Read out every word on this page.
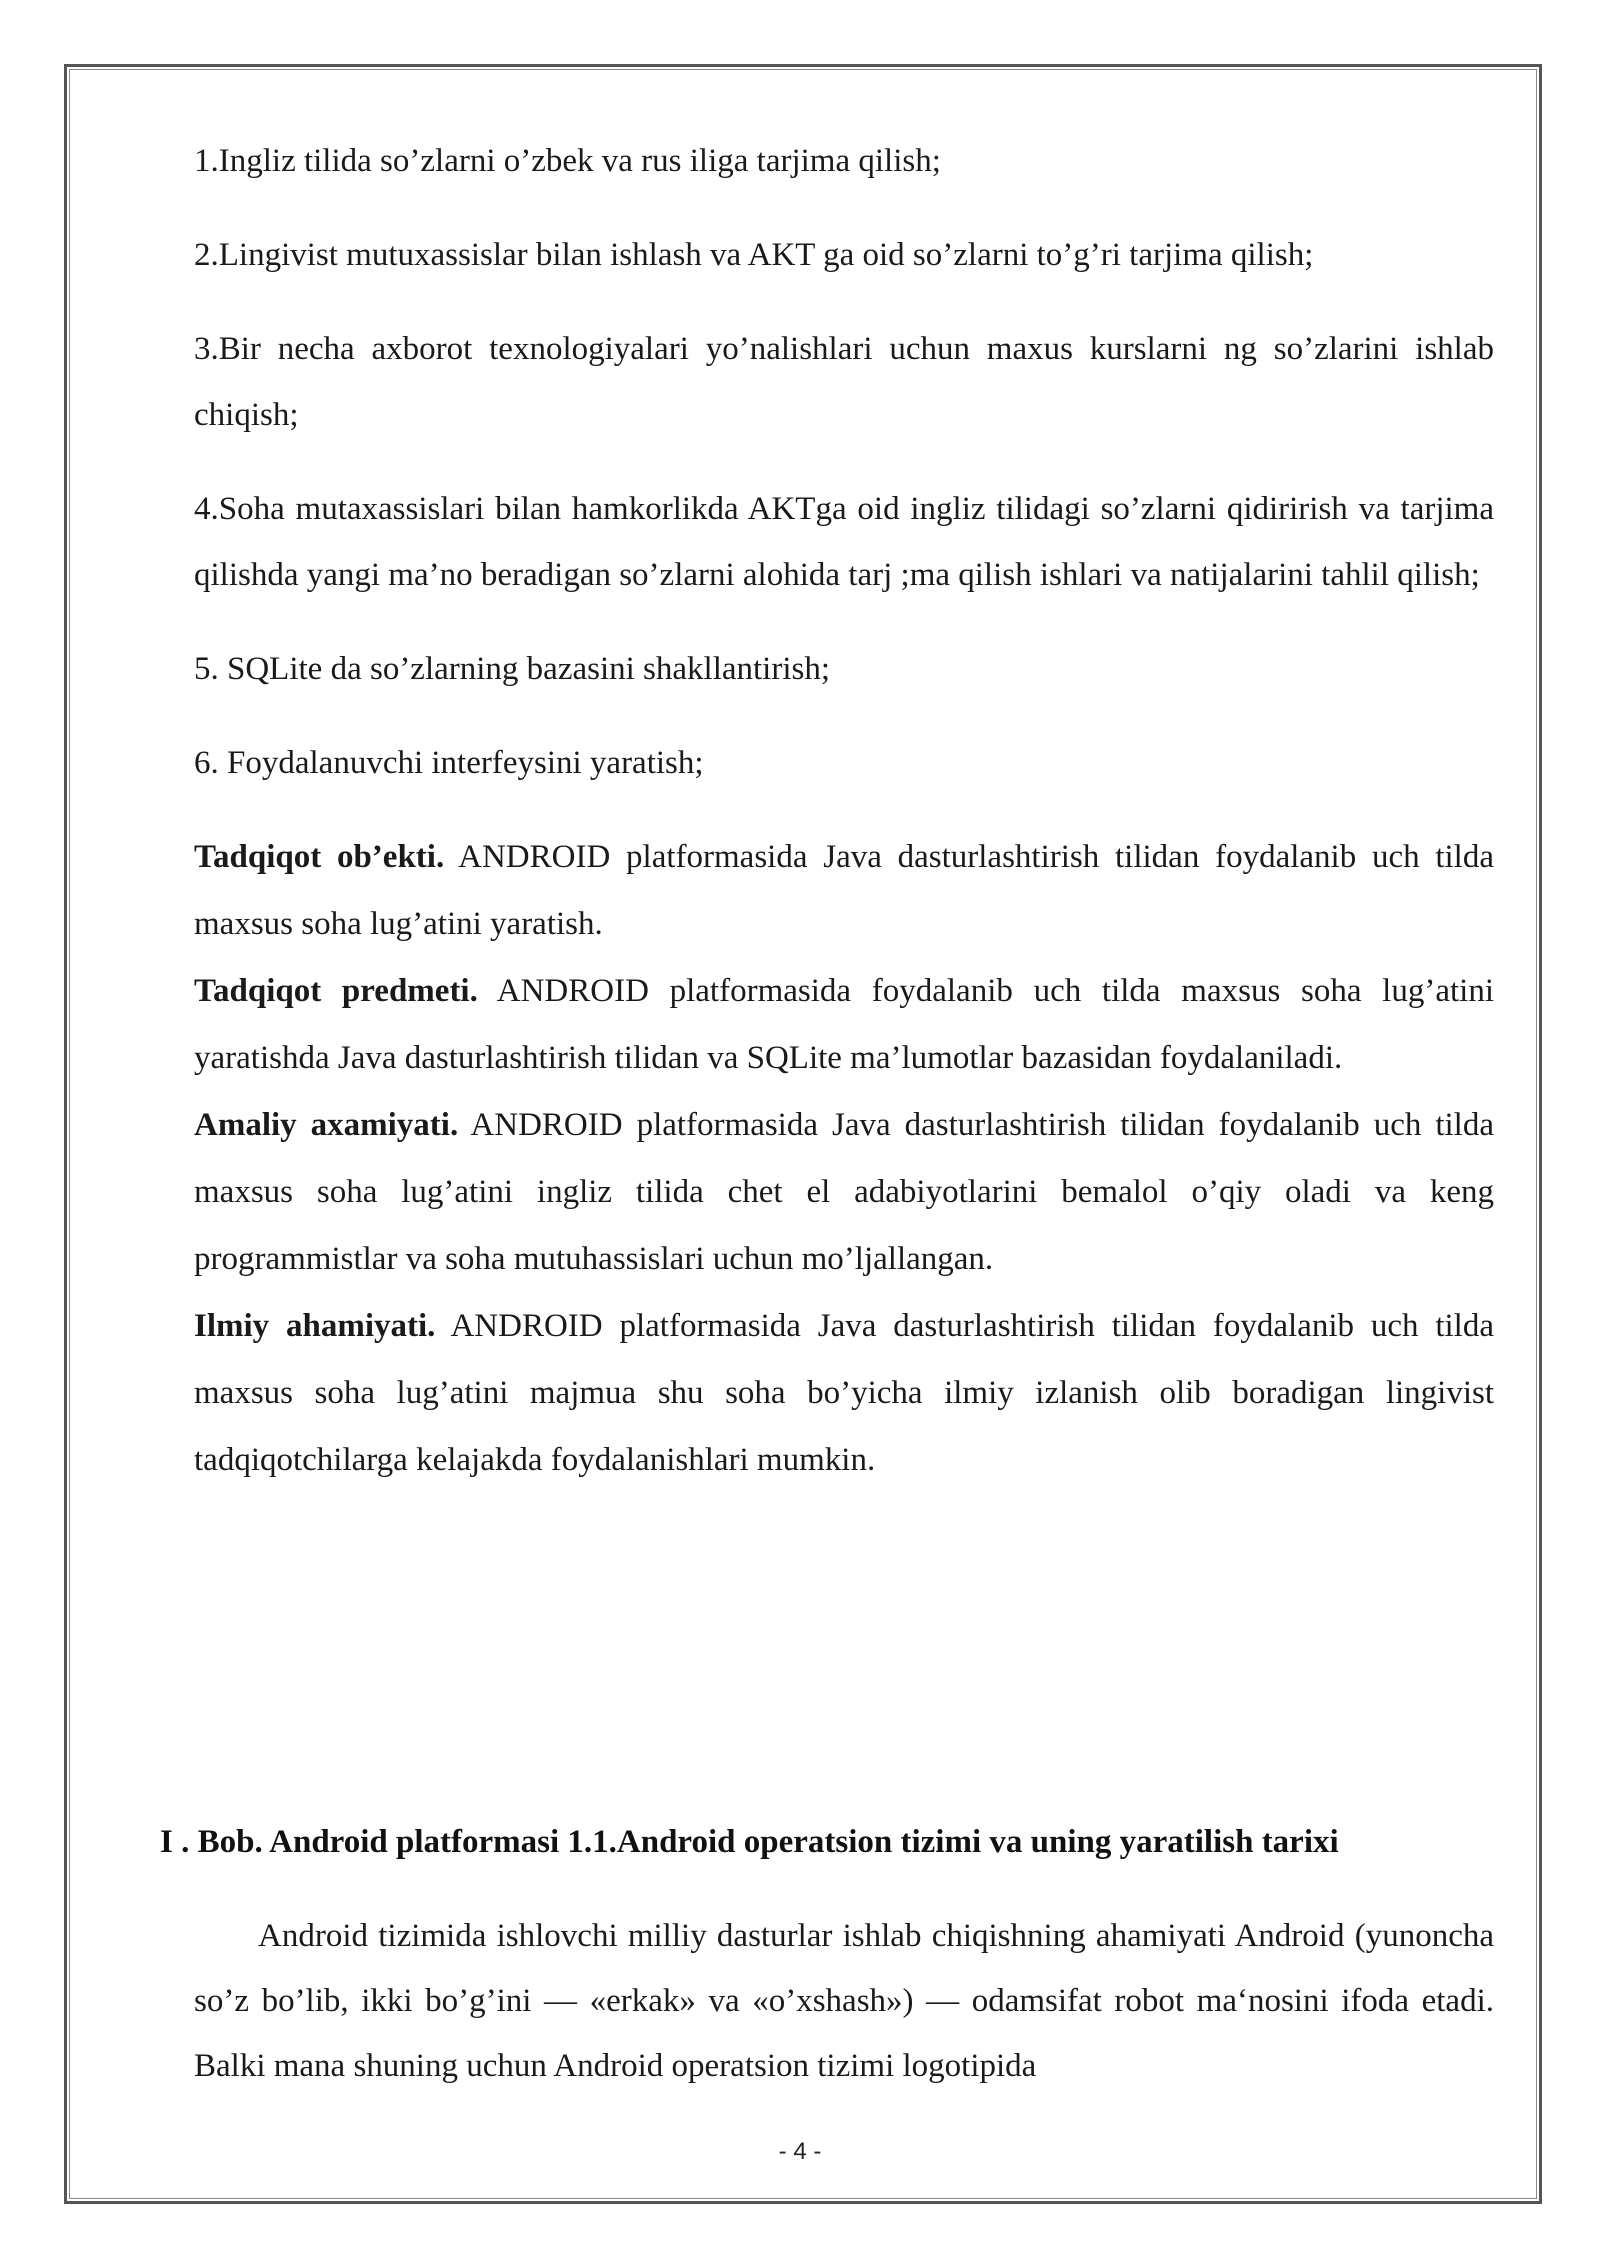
1.Ingliz tilida so’zlarni o’zbek va rus iliga tarjima qilish;

2.Lingivist mutuxassislar bilan ishlash va AKT ga oid so’zlarni to’g’ri tarjima qilish;

3.Bir necha axborot texnologiyalari yo’nalishlari uchun maxus kurslarni ng so’zlarini ishlab chiqish;

4.Soha mutaxassislari bilan hamkorlikda AKTga oid ingliz tilidagi so’zlarni qidirirish va tarjima qilishda yangi ma’no beradigan so’zlarni alohida tarj ;ma qilish ishlari va natijalarini tahlil qilish;

5. SQLite da so’zlarning bazasini shakllantirish;

6. Foydalanuvchi interfeysini yaratish;

Tadqiqot ob’ekti. ANDROID platformasida Java dasturlashtirish tilidan foydalanib uch tilda maxsus soha lug’atini yaratish.

Tadqiqot predmeti. ANDROID platformasida foydalanib uch tilda maxsus soha lug’atini yaratishda Java dasturlashtirish tilidan va SQLite ma’lumotlar bazasidan foydalaniladi.

Amaliy axamiyati. ANDROID platformasida Java dasturlashtirish tilidan foydalanib uch tilda maxsus soha lug’atini ingliz tilida chet el adabiyotlarini bemalol o’qiy oladi va keng programmistlar va soha mutuhassislari uchun mo’ljallangan.

Ilmiy ahamiyati. ANDROID platformasida Java dasturlashtirish tilidan foydalanib uch tilda maxsus soha lug’atini majmua shu soha bo’yicha ilmiy izlanish olib boradigan lingivist tadqiqotchilarga kelajakda foydalanishlari mumkin.

I . Bob. Android platformasi 1.1.Android operatsion tizimi va uning yaratilish tarixi

Android tizimida ishlovchi milliy dasturlar ishlab chiqishning ahamiyati Android (yunoncha so’z bo’lib, ikki bo’g’ini — «erkak» va «o’xshash») — odamsifat robot ma‘nosini ifoda etadi. Balki mana shuning uchun Android operatsion tizimi logotipida

- 4 -
